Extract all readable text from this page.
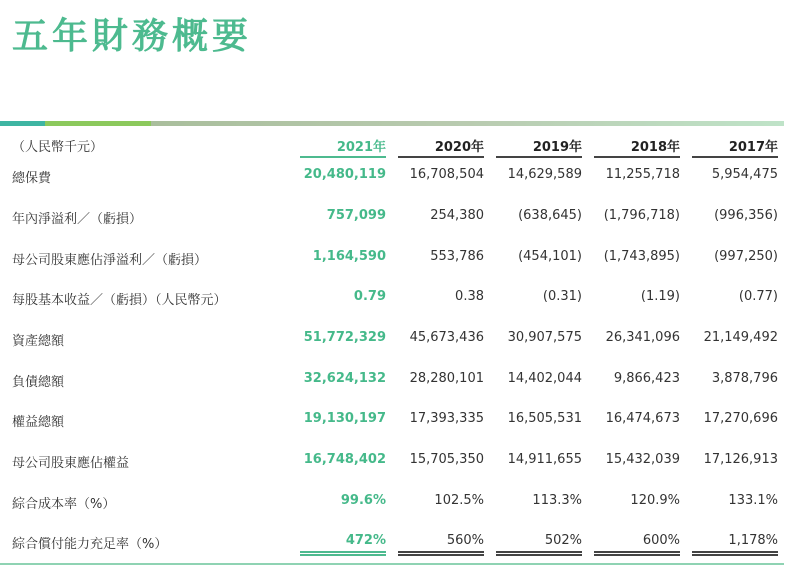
五年財務概要
（人民幣千元）	2021年	2020年	2019年	2018年	2017年
總保費	20,480,119	16,708,504	14,629,589	11,255,718	5,954,475
年內淨溢利／（虧損）	757,099	254,380	(638,645)	(1,796,718)	(996,356)
母公司股東應佔淨溢利／（虧損）	1,164,590	553,786	(454,101)	(1,743,895)	(997,250)
每股基本收益／（虧損）（人民幣元）	0.79	0.38	(0.31)	(1.19)	(0.77)
資產總額	51,772,329	45,673,436	30,907,575	26,341,096	21,149,492
負債總額	32,624,132	28,280,101	14,402,044	9,866,423	3,878,796
權益總額	19,130,197	17,393,335	16,505,531	16,474,673	17,270,696
母公司股東應佔權益	16,748,402	15,705,350	14,911,655	15,432,039	17,126,913
綜合成本率（%）	99.6%	102.5%	113.3%	120.9%	133.1%
綜合償付能力充足率（%）	472%	560%	502%	600%	1,178%
